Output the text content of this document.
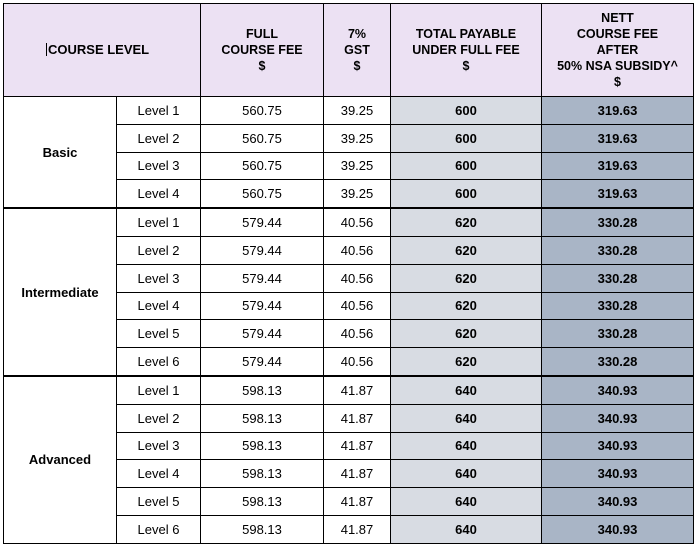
COURSE LEVEL		FULL
COURSE FEE
$	7%
GST
$	TOTAL PAYABLE
UNDER FULL FEE
$	NETT
COURSE FEE
AFTER
50% NSA SUBSIDY^
$

Basic	Level 1	560.75	39.25	600	319.63
	Level 2	560.75	39.25	600	319.63
	Level 3	560.75	39.25	600	319.63
	Level 4	560.75	39.25	600	319.63
Intermediate	Level 1	579.44	40.56	620	330.28
	Level 2	579.44	40.56	620	330.28
	Level 3	579.44	40.56	620	330.28
	Level 4	579.44	40.56	620	330.28
	Level 5	579.44	40.56	620	330.28
	Level 6	579.44	40.56	620	330.28
Advanced	Level 1	598.13	41.87	640	340.93
	Level 2	598.13	41.87	640	340.93
	Level 3	598.13	41.87	640	340.93
	Level 4	598.13	41.87	640	340.93
	Level 5	598.13	41.87	640	340.93
	Level 6	598.13	41.87	640	340.93
